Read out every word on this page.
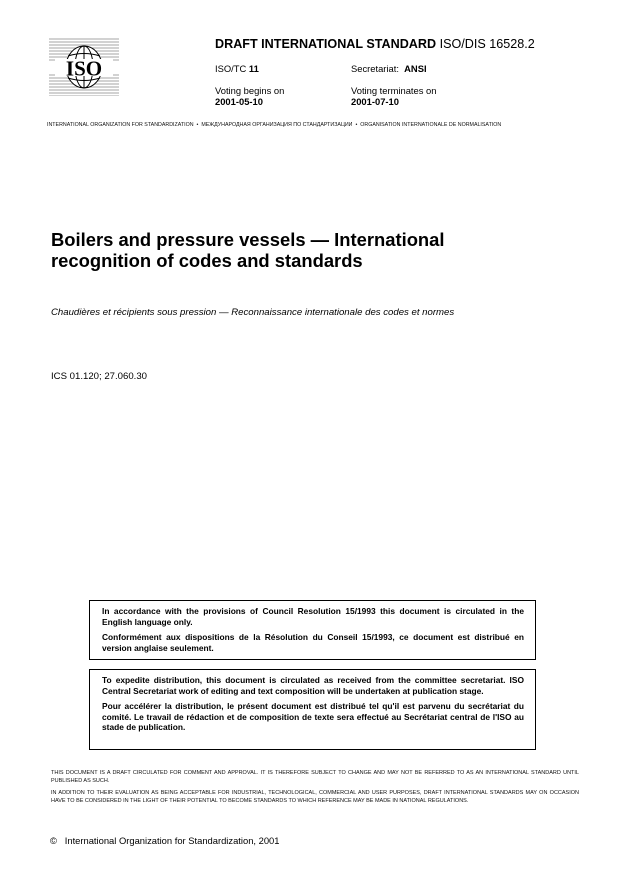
ISO
DRAFT INTERNATIONAL STANDARD ISO/DIS 16528.2
ISO/TC 11	Secretariat: ANSI
Voting begins on
2001-05-10
Voting terminates on
2001-07-10
INTERNATIONAL ORGANIZATION FOR STANDARDIZATION • МЕЖДУНАРОДНАЯ ОРГАНИЗАЦИЯ ПО СТАНДАРТИЗАЦИИ • ORGANISATION INTERNATIONALE DE NORMALISATION
Boilers and pressure vessels — International
recognition of codes and standards
Chaudières et récipients sous pression — Reconnaissance internationale des codes et normes
ICS 01.120; 27.060.30

In accordance with the provisions of Council Resolution 15/1993 this document is circulated in the English language only.

Conformément aux dispositions de la Résolution du Conseil 15/1993, ce document est distribué en version anglaise seulement.

To expedite distribution, this document is circulated as received from the committee secretariat. ISO Central Secretariat work of editing and text composition will be undertaken at publication stage.

Pour accélérer la distribution, le présent document est distribué tel qu'il est parvenu du secrétariat du comité. Le travail de rédaction et de composition de texte sera effectué au Secrétariat central de l'ISO au stade de publication.

THIS DOCUMENT IS A DRAFT CIRCULATED FOR COMMENT AND APPROVAL. IT IS THEREFORE SUBJECT TO CHANGE AND MAY NOT BE REFERRED TO AS AN INTERNATIONAL STANDARD UNTIL PUBLISHED AS SUCH.

IN ADDITION TO THEIR EVALUATION AS BEING ACCEPTABLE FOR INDUSTRIAL, TECHNOLOGICAL, COMMERCIAL AND USER PURPOSES, DRAFT INTERNATIONAL STANDARDS MAY ON OCCASION HAVE TO BE CONSIDERED IN THE LIGHT OF THEIR POTENTIAL TO BECOME STANDARDS TO WHICH REFERENCE MAY BE MADE IN NATIONAL REGULATIONS.

© International Organization for Standardization, 2001
